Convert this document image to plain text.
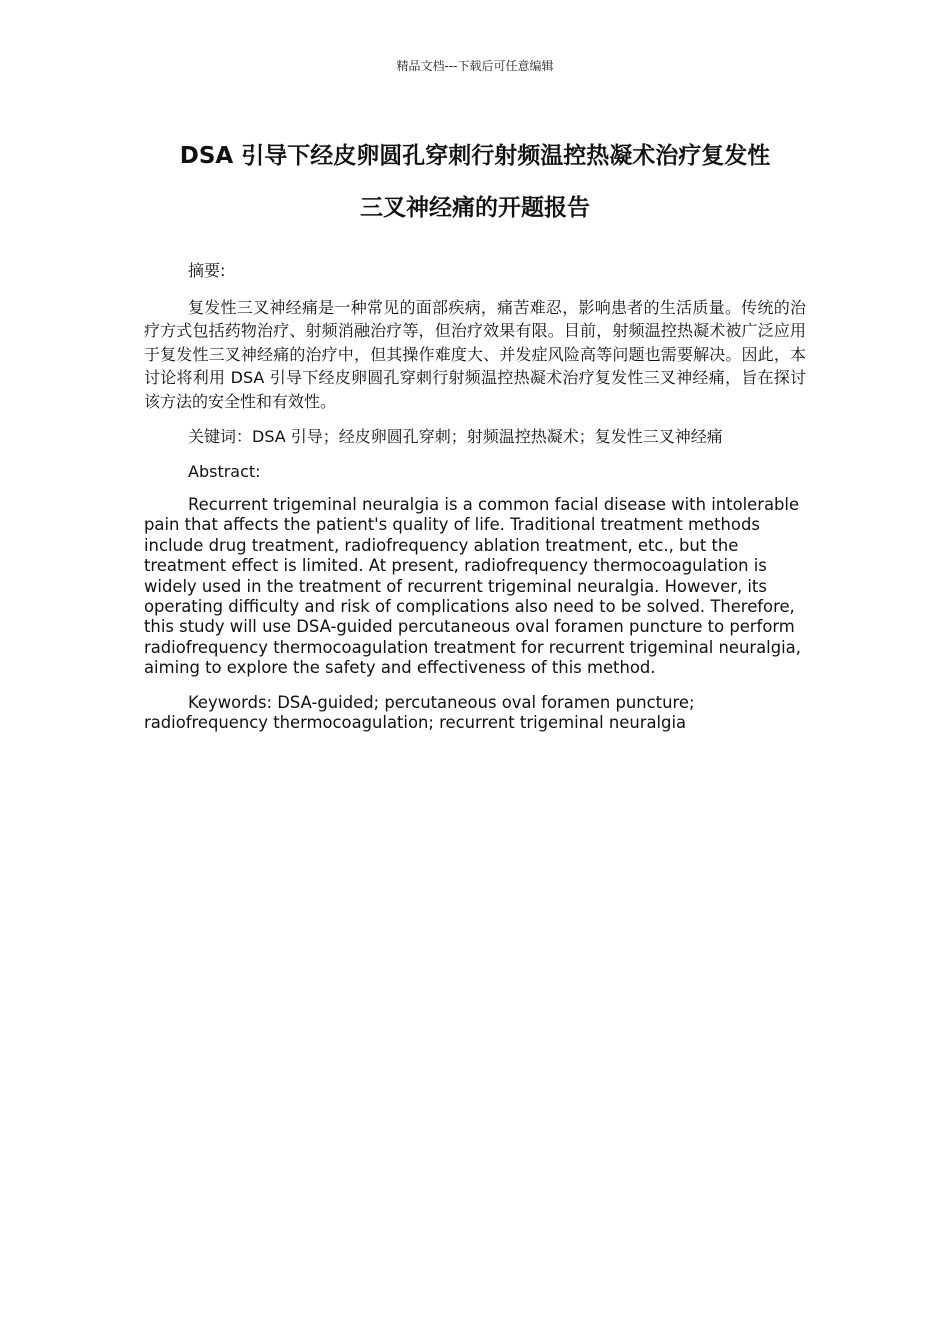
精品文档---下载后可任意编辑
DSA 引导下经皮卵圆孔穿刺行射频温控热凝术治疗复发性
三叉神经痛的开题报告

摘要:

复发性三叉神经痛是一种常见的面部疾病，痛苦难忍，影响患者的生活质量。传统的治疗方式包括药物治疗、射频消融治疗等，但治疗效果有限。目前，射频温控热凝术被广泛应用于复发性三叉神经痛的治疗中，但其操作难度大、并发症风险高等问题也需要解决。因此，本讨论将利用 DSA 引导下经皮卵圆孔穿刺行射频温控热凝术治疗复发性三叉神经痛，旨在探讨该方法的安全性和有效性。

关键词：DSA 引导；经皮卵圆孔穿刺；射频温控热凝术；复发性三叉神经痛

Abstract:

Recurrent trigeminal neuralgia is a common facial disease with intolerable pain that affects the patient's quality of life. Traditional treatment methods include drug treatment, radiofrequency ablation treatment, etc., but the treatment effect is limited. At present, radiofrequency thermocoagulation is widely used in the treatment of recurrent trigeminal neuralgia. However, its operating difficulty and risk of complications also need to be solved. Therefore, this study will use DSA-guided percutaneous oval foramen puncture to perform radiofrequency thermocoagulation treatment for recurrent trigeminal neuralgia, aiming to explore the safety and effectiveness of this method.

Keywords: DSA-guided; percutaneous oval foramen puncture; radiofrequency thermocoagulation; recurrent trigeminal neuralgia
